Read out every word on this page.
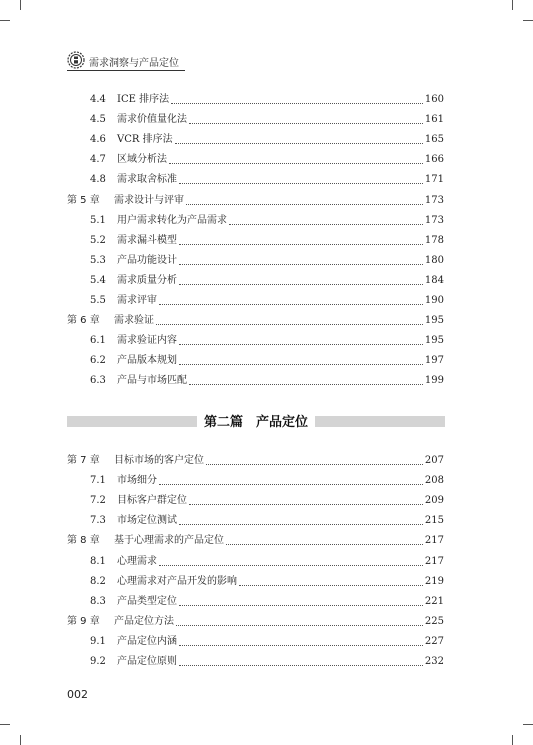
需求洞察与产品定位
4.4 ICE 排序法	160
4.5 需求价值量化法	161
4.6 VCR 排序法	165
4.7 区域分析法	166
4.8 需求取舍标准	171
第 5 章 需求设计与评审	173
5.1 用户需求转化为产品需求	173
5.2 需求漏斗模型	178
5.3 产品功能设计	180
5.4 需求质量分析	184
5.5 需求评审	190
第 6 章 需求验证	195
6.1 需求验证内容	195
6.2 产品版本规划	197
6.3 产品与市场匹配	199
第二篇　产品定位
第 7 章 目标市场的客户定位	207
7.1 市场细分	208
7.2 目标客户群定位	209
7.3 市场定位测试	215
第 8 章 基于心理需求的产品定位	217
8.1 心理需求	217
8.2 心理需求对产品开发的影响	219
8.3 产品类型定位	221
第 9 章 产品定位方法	225
9.1 产品定位内涵	227
9.2 产品定位原则	232
002
